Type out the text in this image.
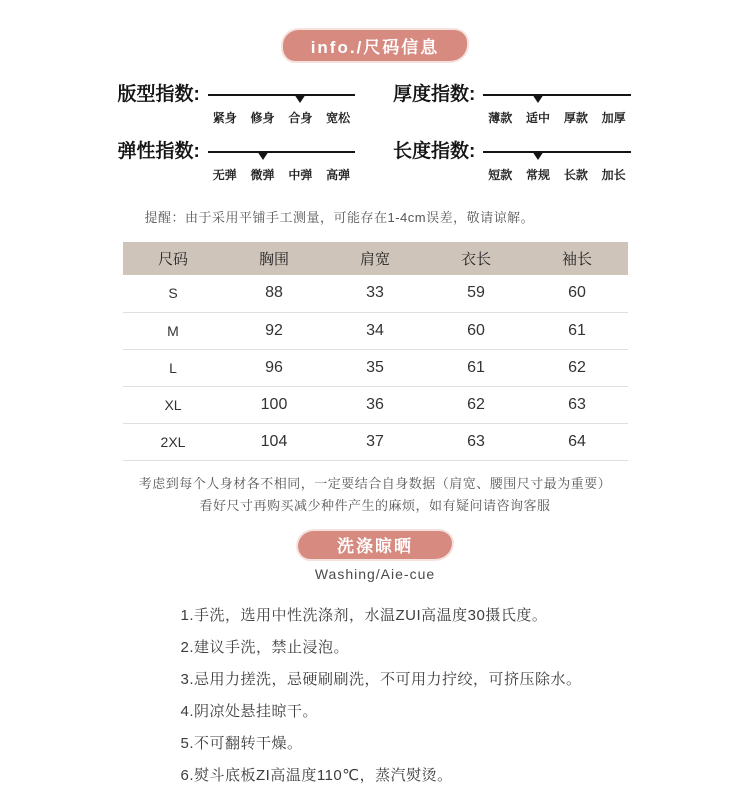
info./尺码信息
版型指数:
紧身	修身	合身	宽松
厚度指数:
薄款	适中	厚款	加厚
弹性指数:
无弹	微弹	中弹	高弹
长度指数:
短款	常规	长款	加长
提醒：由于采用平铺手工测量，可能存在1-4cm误差，敬请谅解。
尺码	胸围	肩宽	衣长	袖长
S	88	33	59	60
M	92	34	60	61
L	96	35	61	62
XL	100	36	62	63
2XL	104	37	63	64

考虑到每个人身材各不相同，一定要结合自身数据（肩宽、腰围尺寸最为重要）

看好尺寸再购买减少种件产生的麻烦，如有疑问请咨询客服

洗涤晾晒
Washing/Aie-cue
1.手洗，选用中性洗涤剂，水温ZUI高温度30摄氏度。
2.建议手洗，禁止浸泡。
3.忌用力搓洗，忌硬刷刷洗，不可用力拧绞，可挤压除水。
4.阴凉处悬挂晾干。
5.不可翻转干燥。
6.熨斗底板ZI高温度110℃，蒸汽熨烫。
